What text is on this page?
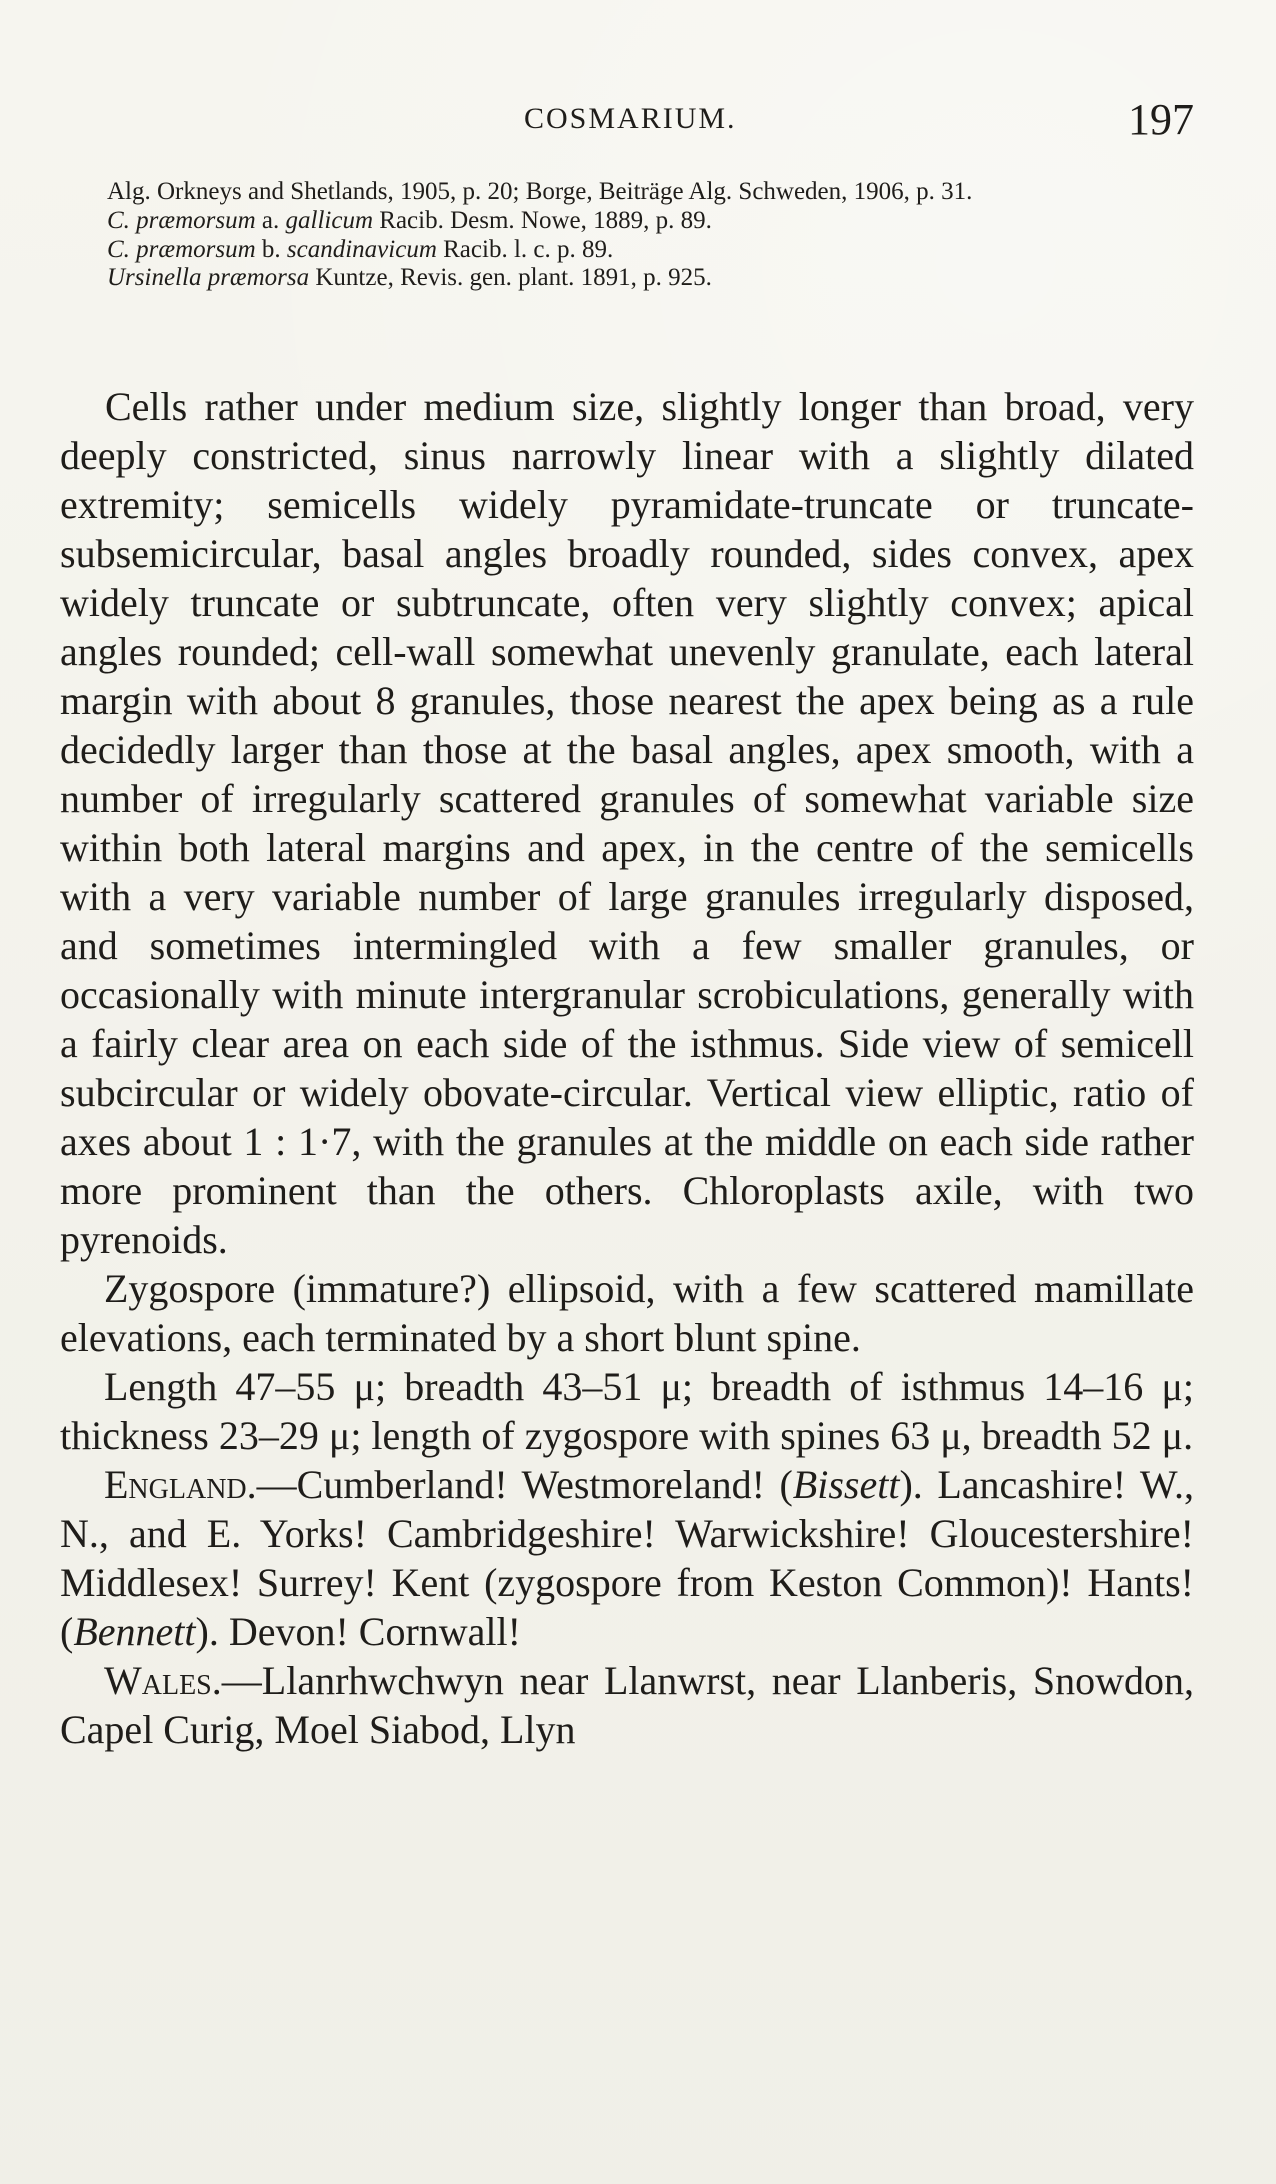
COSMARIUM.	197

Alg. Orkneys and Shetlands, 1905, p. 20; Borge, Beiträge Alg. Schweden, 1906, p. 31.

C. præmorsum a. gallicum Racib. Desm. Nowe, 1889, p. 89.

C. præmorsum b. scandinavicum Racib. l. c. p. 89.

Ursinella præmorsa Kuntze, Revis. gen. plant. 1891, p. 925.

Cells rather under medium size, slightly longer than broad, very deeply constricted, sinus narrowly linear with a slightly dilated extremity; semicells widely pyramidate-truncate or truncate-subsemicircular, basal angles broadly rounded, sides convex, apex widely truncate or subtruncate, often very slightly convex; apical angles rounded; cell-wall somewhat unevenly granulate, each lateral margin with about 8 granules, those nearest the apex being as a rule decidedly larger than those at the basal angles, apex smooth, with a number of irregularly scattered granules of somewhat variable size within both lateral margins and apex, in the centre of the semicells with a very variable number of large granules irregularly disposed, and sometimes intermingled with a few smaller granules, or occasionally with minute intergranular scrobiculations, generally with a fairly clear area on each side of the isthmus. Side view of semicell subcircular or widely obovate-circular. Vertical view elliptic, ratio of axes about 1 : 1·7, with the granules at the middle on each side rather more prominent than the others. Chloroplasts axile, with two pyrenoids.

Zygospore (immature?) ellipsoid, with a few scattered mamillate elevations, each terminated by a short blunt spine.

Length 47–55 μ; breadth 43–51 μ; breadth of isthmus 14–16 μ; thickness 23–29 μ; length of zygospore with spines 63 μ, breadth 52 μ.

England.—Cumberland! Westmoreland! (Bissett). Lancashire! W., N., and E. Yorks! Cambridgeshire! Warwickshire! Gloucestershire! Middlesex! Surrey! Kent (zygospore from Keston Common)! Hants! (Bennett). Devon! Cornwall!

Wales.—Llanrhwchwyn near Llanwrst, near Llanberis, Snowdon, Capel Curig, Moel Siabod, Llyn
